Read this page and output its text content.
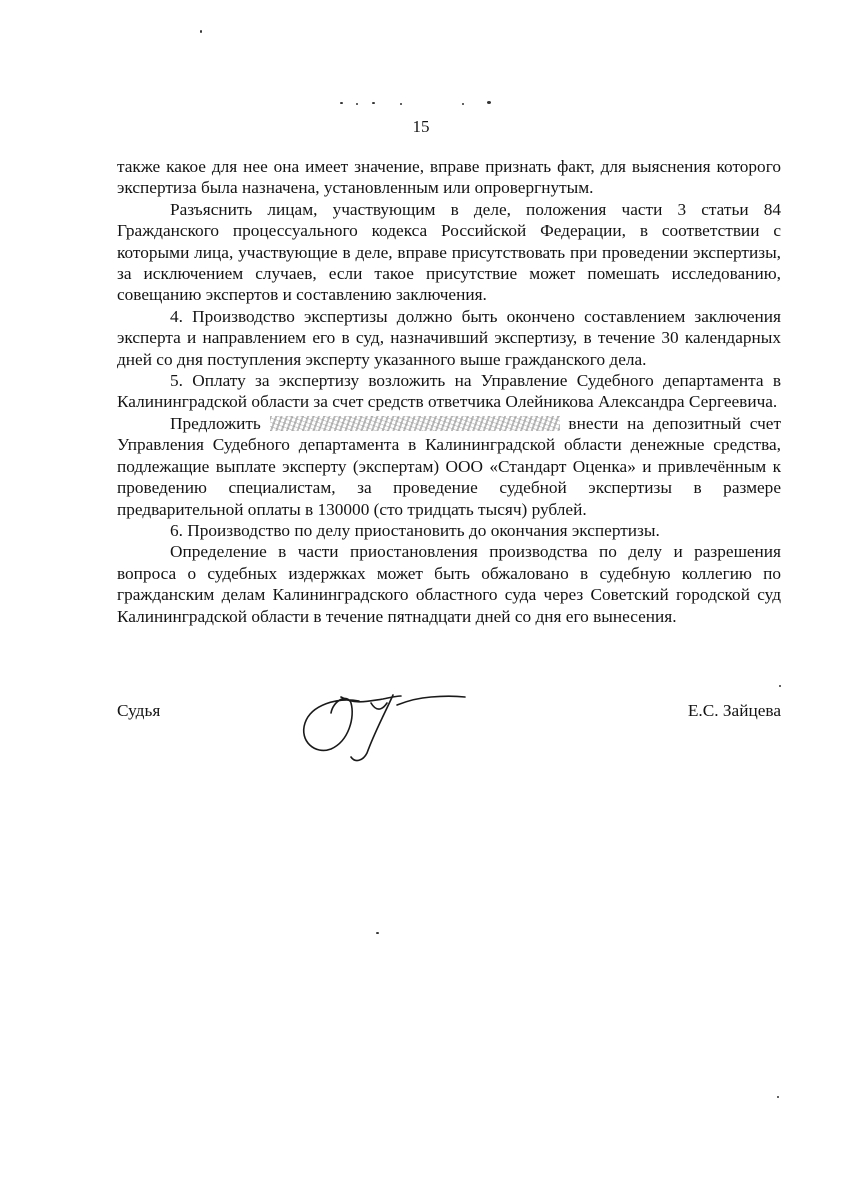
15

также какое для нее она имеет значение, вправе признать факт, для выяснения которого экспертиза была назначена, установленным или опровергнутым.

Разъяснить лицам, участвующим в деле, положения части 3 статьи 84 Гражданского процессуального кодекса Российской Федерации, в соответствии с которыми лица, участвующие в деле, вправе присутствовать при проведении экспертизы, за исключением случаев, если такое присутствие может помешать исследованию, совещанию экспертов и составлению заключения.

4. Производство экспертизы должно быть окончено составлением заключения эксперта и направлением его в суд, назначивший экспертизу, в течение 30 календарных дней со дня поступления эксперту указанного выше гражданского дела.

5. Оплату за экспертизу возложить на Управление Судебного департамента в Калининградской области за счет средств ответчика Олейникова Александра Сергеевича.

Предложить	внести на депозитный счет Управления Судебного департамента в Калининградской области денежные средства, подлежащие выплате эксперту (экспертам) ООО «Стандарт Оценка» и привлечённым к проведению специалистам, за проведение судебной экспертизы в размере предварительной оплаты в 130000 (сто тридцать тысяч) рублей.

6. Производство по делу приостановить до окончания экспертизы.

Определение в части приостановления производства по делу и разрешения вопроса о судебных издержках может быть обжаловано в судебную коллегию по гражданским делам Калининградского областного суда через Советский городской суд Калининградской области в течение пятнадцати дней со дня его вынесения.

Судья	Е.С. Зайцева
